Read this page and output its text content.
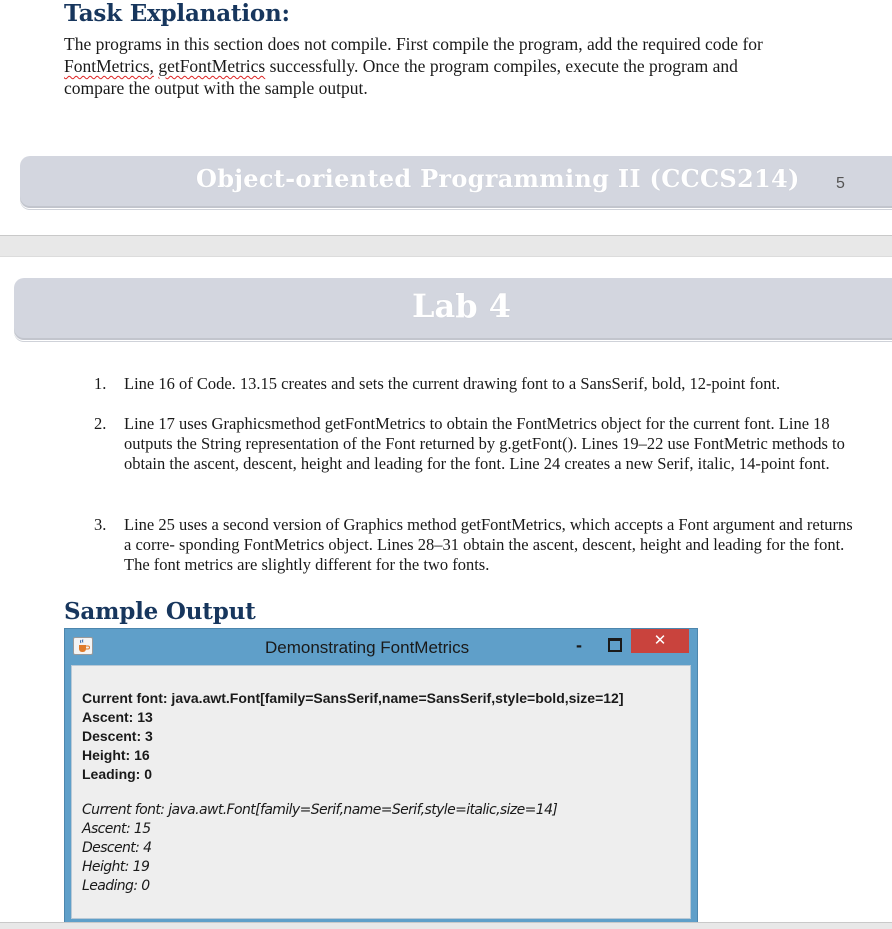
Task Explanation:
The programs in this section does not compile. First compile the program, add the required code for
FontMetrics, getFontMetrics successfully. Once the program compiles, execute the program and
compare the output with the sample output.
Object-oriented Programming II (CCCS214) 5
Lab 4
1. Line 16 of Code. 13.15 creates and sets the current drawing font to a SansSerif, bold, 12-point font.
2. Line 17 uses Graphicsmethod getFontMetrics to obtain the FontMetrics object for the current font. Line 18 outputs the String representation of the Font returned by g.getFont(). Lines 19–22 use FontMetric methods to obtain the ascent, descent, height and leading for the font. Line 24 creates a new Serif, italic, 14-point font.
3. Line 25 uses a second version of Graphics method getFontMetrics, which accepts a Font argument and returns a corre- sponding FontMetrics object. Lines 28–31 obtain the ascent, descent, height and leading for the font. The font metrics are slightly different for the two fonts.
Sample Output
Demonstrating FontMetrics	-	✕
Current font: java.awt.Font[family=SansSerif,name=SansSerif,style=bold,size=12]
Ascent: 13
Descent: 3
Height: 16
Leading: 0
Current font: java.awt.Font[family=Serif,name=Serif,style=italic,size=14]
Ascent: 15
Descent: 4
Height: 19
Leading: 0
